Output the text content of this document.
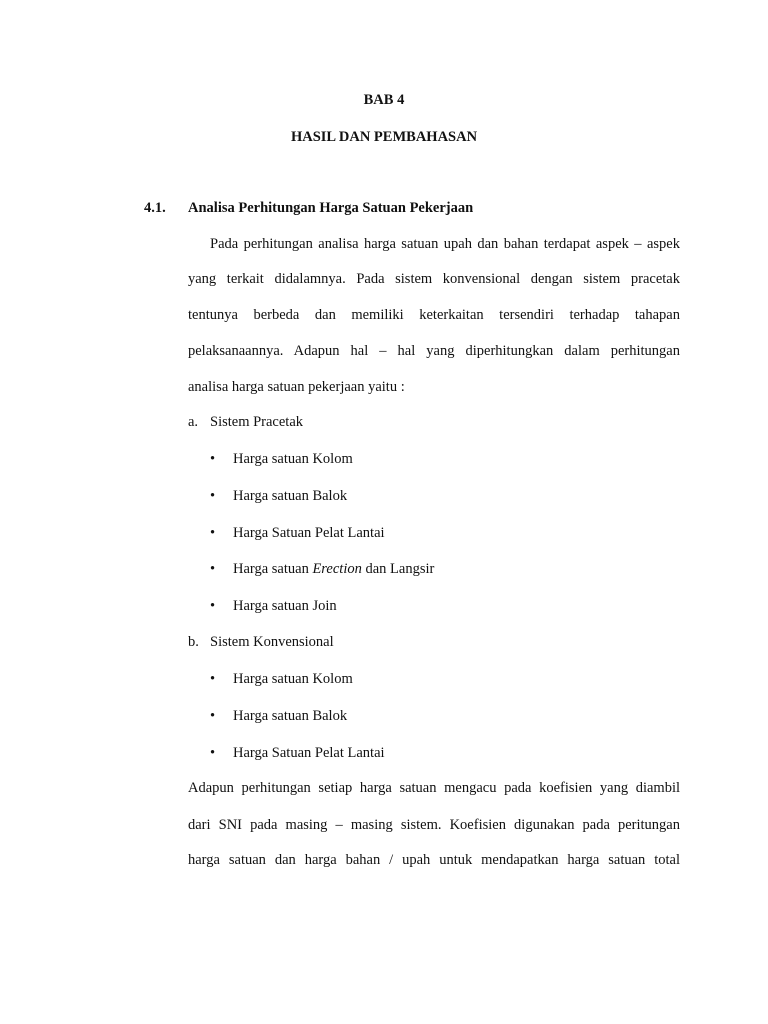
BAB 4
HASIL DAN PEMBAHASAN
4.1. Analisa Perhitungan Harga Satuan Pekerjaan
Pada perhitungan analisa harga satuan upah dan bahan terdapat aspek – aspek
yang terkait didalamnya. Pada sistem konvensional dengan sistem pracetak
tentunya berbeda dan memiliki keterkaitan tersendiri terhadap tahapan
pelaksanaannya. Adapun hal – hal yang diperhitungkan dalam perhitungan
analisa harga satuan pekerjaan yaitu :
a. Sistem Pracetak
• Harga satuan Kolom
• Harga satuan Balok
• Harga Satuan Pelat Lantai
• Harga satuan Erection dan Langsir
• Harga satuan Join
b. Sistem Konvensional
• Harga satuan Kolom
• Harga satuan Balok
• Harga Satuan Pelat Lantai
Adapun perhitungan setiap harga satuan mengacu pada koefisien yang diambil
dari SNI pada masing – masing sistem. Koefisien digunakan pada peritungan
harga satuan dan harga bahan / upah untuk mendapatkan harga satuan total
